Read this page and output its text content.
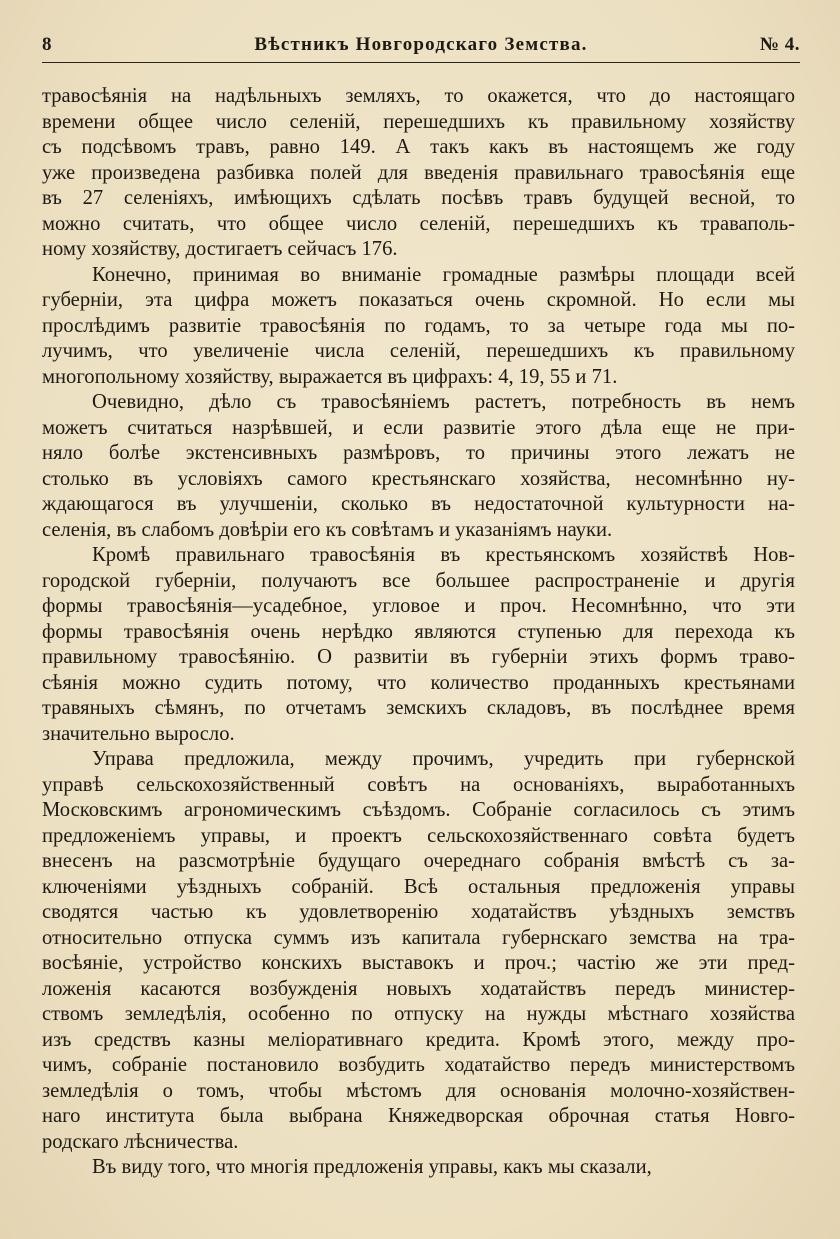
8	Вѣстникъ Новгородскаго Земства.	№ 4.
травосѣянія на надѣльныхъ земляхъ, то окажется, что до настоящаго
времени общее число селеній, перешедшихъ къ правильному хозяйству
съ подсѣвомъ травъ, равно 149. А такъ какъ въ настоящемъ же году
уже произведена разбивка полей для введенія правильнаго травосѣянія еще
въ 27 селеніяхъ, имѣющихъ сдѣлать посѣвъ травъ будущей весной, то
можно считать, что общее число селеній, перешедшихъ къ траваполь-
ному хозяйству, достигаетъ сейчасъ 176.
Конечно, принимая во вниманіе громадные размѣры площади всей
губерніи, эта цифра можетъ показаться очень скромной. Но если мы
прослѣдимъ развитіе травосѣянія по годамъ, то за четыре года мы по-
лучимъ, что увеличеніе числа селеній, перешедшихъ къ правильному
многопольному хозяйству, выражается въ цифрахъ: 4, 19, 55 и 71.
Очевидно, дѣло съ травосѣяніемъ растетъ, потребность въ немъ
можетъ считаться назрѣвшей, и если развитіе этого дѣла еще не при-
няло болѣе экстенсивныхъ размѣровъ, то причины этого лежатъ не
столько въ условіяхъ самого крестьянскаго хозяйства, несомнѣнно ну-
ждающагося въ улучшеніи, сколько въ недостаточной культурности на-
селенія, въ слабомъ довѣріи его къ совѣтамъ и указаніямъ науки.
Кромѣ правильнаго травосѣянія въ крестьянскомъ хозяйствѣ Нов-
городской губерніи, получаютъ все большее распространеніе и другія
формы травосѣянія—усадебное, угловое и проч. Несомнѣнно, что эти
формы травосѣянія очень нерѣдко являются ступенью для перехода къ
правильному травосѣянію. О развитіи въ губерніи этихъ формъ траво-
сѣянія можно судить потому, что количество проданныхъ крестьянами
травяныхъ сѣмянъ, по отчетамъ земскихъ складовъ, въ послѣднее время
значительно выросло.
Управа предложила, между прочимъ, учредить при губернской
управѣ сельскохозяйственный совѣтъ на основаніяхъ, выработанныхъ
Московскимъ агрономическимъ съѣздомъ. Собраніе согласилось съ этимъ
предложеніемъ управы, и проектъ сельскохозяйственнаго совѣта будетъ
внесенъ на разсмотрѣніе будущаго очереднаго собранія вмѣстѣ съ за-
ключеніями уѣздныхъ собраній. Всѣ остальныя предложенія управы
сводятся частью къ удовлетворенію ходатайствъ уѣздныхъ земствъ
относительно отпуска суммъ изъ капитала губернскаго земства на тра-
восѣяніе, устройство конскихъ выставокъ и проч.; частію же эти пред-
ложенія касаются возбужденія новыхъ ходатайствъ передъ министер-
ствомъ земледѣлія, особенно по отпуску на нужды мѣстнаго хозяйства
изъ средствъ казны меліоративнаго кредита. Кромѣ этого, между про-
чимъ, собраніе постановило возбудить ходатайство передъ министерствомъ
земледѣлія о томъ, чтобы мѣстомъ для основанія молочно-хозяйствен-
наго института была выбрана Княжедворская оброчная статья Новго-
родскаго лѣсничества.
Въ виду того, что многія предложенія управы, какъ мы сказали,
